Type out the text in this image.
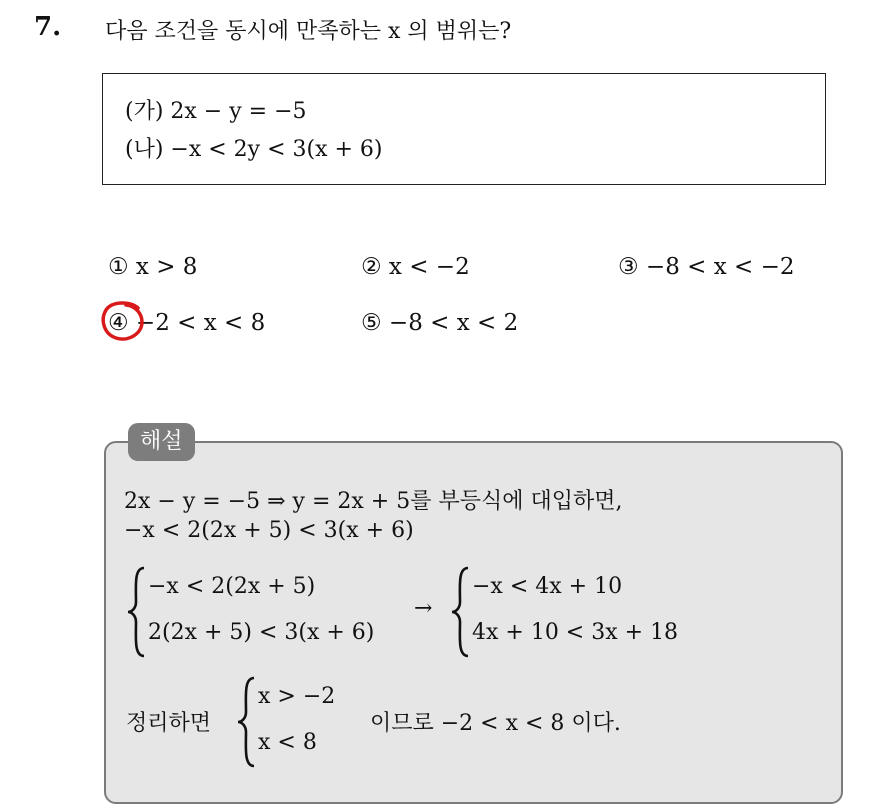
7. 다음 조건을 동시에 만족하는 x 의 범위는?
(가) 2x − y = −5
(나) −x < 2y < 3(x + 6)
① x > 8	② x < −2	③ −8 < x < −2
④ −2 < x < 8	⑤ −8 < x < 2
해설
2x − y = −5 ⇒ y = 2x + 5를 부등식에 대입하면,
−x < 2(2x + 5) < 3(x + 6)
−x < 2(2x + 5)
2(2x + 5) < 3(x + 6)
→
−x < 4x + 10
4x + 10 < 3x + 18
정리하면
x > −2
x < 8
이므로 −2 < x < 8 이다.
